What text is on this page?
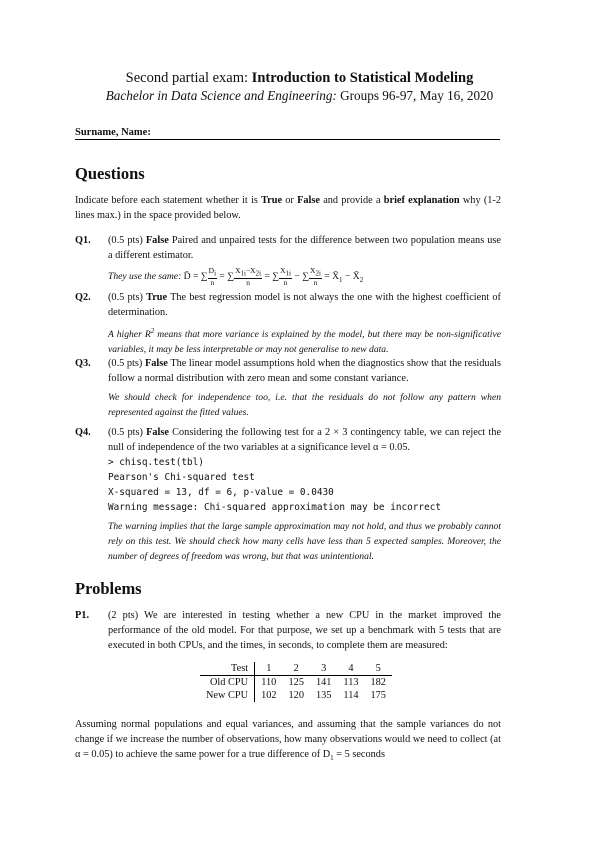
Second partial exam: Introduction to Statistical Modeling
Bachelor in Data Science and Engineering: Groups 96-97, May 16, 2020
Surname, Name:
Questions
Indicate before each statement whether it is True or False and provide a brief explanation why (1-2 lines max.) in the space provided below.
Q1. (0.5 pts) False Paired and unpaired tests for the difference between two population means use a different estimator.
They use the same: D̄ = ∑ $\frac{Di}{n}$ = ∑ $\frac{X1i-X2i}{n}$ = ∑ $\frac{X1i}{n}$ − ∑ $\frac{X2i}{n}$ = $X̄_1$ − $X̄_2$
Q2. (0.5 pts) True The best regression model is not always the one with the highest coefficient of determination.
A higher $R^2$ means that more variance is explained by the model, but there may be non-significative variables, it may be less interpretable or may not generalise to new data.
Q3. (0.5 pts) False The linear model assumptions hold when the diagnostics show that the residuals follow a normal distribution with zero mean and some constant variance.
We should check for independence too, i.e. that the residuals do not follow any pattern when represented against the fitted values.
Q4. (0.5 pts) False Considering the following test for a 2 × 3 contingency table, we can reject the null of independence of the two variables at a significance level α = 0.05.
> chisq.test(tbl)
Pearson's Chi-squared test
X-squared = 13, df = 6, p-value = 0.0430
Warning message: Chi-squared approximation may be incorrect
The warning implies that the large sample approximation may not hold, and thus we probably cannot rely on this test. We should check how many cells have less than 5 expected samples. Moreover, the number of degrees of freedom was wrong, but that was unintentional.
Problems
P1. (2 pts) We are interested in testing whether a new CPU in the market improved the performance of the old model. For that purpose, we set up a benchmark with 5 tests that are executed in both CPUs, and the times, in seconds, to complete them are measured:
Test	1	2	3	4	5
Old CPU	110	125	141	113	182
New CPU	102	120	135	114	175
Assuming normal populations and equal variances, and assuming that the sample variances do not change if we increase the number of observations, how many observations would we need to collect (at α = 0.05) to achieve the same power for a true difference of $D_1 = 5$ seconds
